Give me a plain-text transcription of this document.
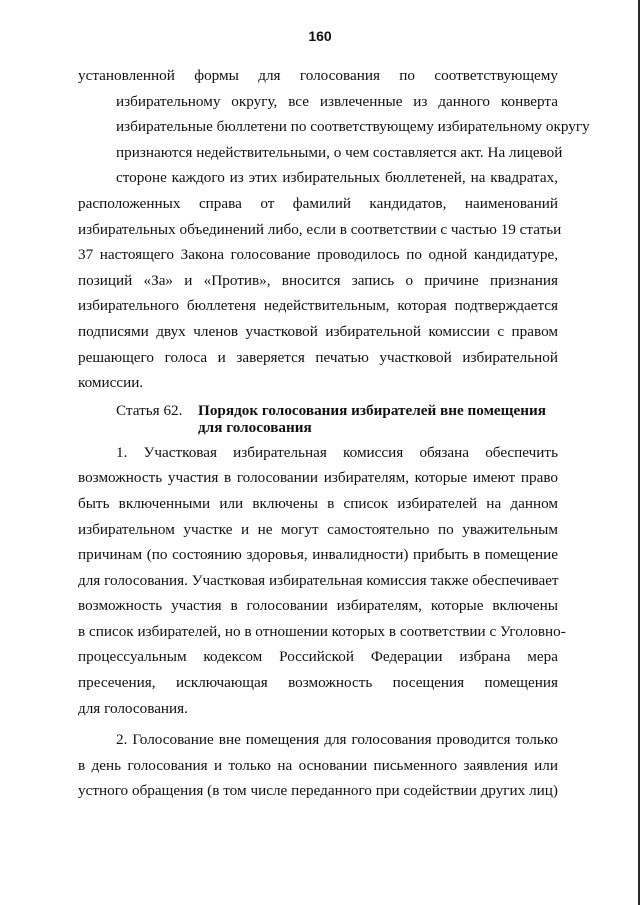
160
установленной формы для голосования по соответствующему
избирательному округу, все извлеченные из данного конверта
избирательные бюллетени по соответствующему избирательному округу
признаются недействительными, о чем составляется акт. На лицевой
стороне каждого из этих избирательных бюллетеней, на квадратах,
расположенных справа от фамилий кандидатов, наименований
избирательных объединений либо, если в соответствии с частью 19 статьи
37 настоящего Закона голосование проводилось по одной кандидатуре,
позиций «За» и «Против», вносится запись о причине признания
избирательного бюллетеня недействительным, которая подтверждается
подписями двух членов участковой избирательной комиссии с правом
решающего голоса и заверяется печатью участковой избирательной
комиссии.
Статья 62.	Порядок голосования избирателей вне помещения
для голосования
1. Участковая избирательная комиссия обязана обеспечить
возможность участия в голосовании избирателям, которые имеют право
быть включенными или включены в список избирателей на данном
избирательном участке и не могут самостоятельно по уважительным
причинам (по состоянию здоровья, инвалидности) прибыть в помещение
для голосования. Участковая избирательная комиссия также обеспечивает
возможность участия в голосовании избирателям, которые включены
в список избирателей, но в отношении которых в соответствии с Уголовно-
процессуальным кодексом Российской Федерации избрана мера
пресечения, исключающая возможность посещения помещения
для голосования.
2. Голосование вне помещения для голосования проводится только
в день голосования и только на основании письменного заявления или
устного обращения (в том числе переданного при содействии других лиц)
